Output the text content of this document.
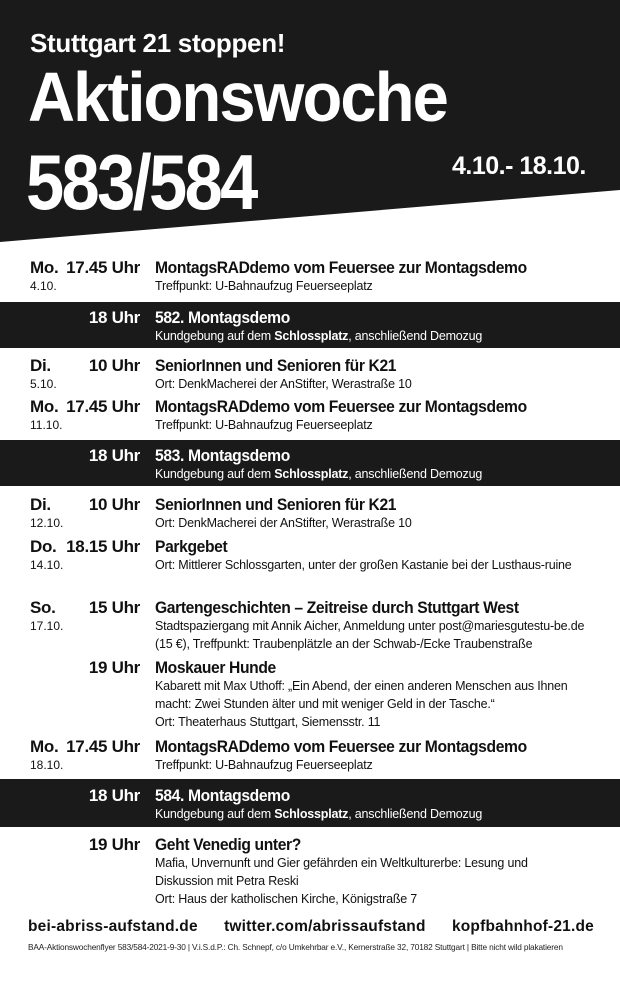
Stuttgart 21 stoppen!
Aktionswoche
583/584	4.10.- 18.10.
Mo. 17.45 Uhr
4.10.
MontagsRADdemo vom Feuersee zur Montagsdemo
Treffpunkt: U-Bahnaufzug Feuerseeplatz
18 Uhr 582. Montagsdemo
Kundgebung auf dem Schlossplatz, anschließend Demozug
Di. 10 Uhr
5.10.
SeniorInnen und Senioren für K21
Ort: DenkMacherei der AnStifter, Werastraße 10
Mo. 17.45 Uhr
11.10.
MontagsRADdemo vom Feuersee zur Montagsdemo
Treffpunkt: U-Bahnaufzug Feuerseeplatz
18 Uhr 583. Montagsdemo
Kundgebung auf dem Schlossplatz, anschließend Demozug
Di. 10 Uhr
12.10.
SeniorInnen und Senioren für K21
Ort: DenkMacherei der AnStifter, Werastraße 10
Do. 18.15 Uhr
14.10.
Parkgebet
Ort: Mittlerer Schlossgarten, unter der großen Kastanie bei der Lusthaus-ruine
So. 15 Uhr
17.10.
Gartengeschichten – Zeitreise durch Stuttgart West
Stadtspaziergang mit Annik Aicher, Anmeldung unter post@mariesgutestu-be.de (15 €), Treffpunkt: Traubenplätzle an der Schwab-/Ecke Traubenstraße
19 Uhr Moskauer Hunde
Kabarett mit Max Uthoff: „Ein Abend, der einen anderen Menschen aus Ihnen macht: Zwei Stunden älter und mit weniger Geld in der Tasche.“
Ort: Theaterhaus Stuttgart, Siemensstr. 11
Mo. 17.45 Uhr
18.10.
MontagsRADdemo vom Feuersee zur Montagsdemo
Treffpunkt: U-Bahnaufzug Feuerseeplatz
18 Uhr 584. Montagsdemo
Kundgebung auf dem Schlossplatz, anschließend Demozug
19 Uhr Geht Venedig unter?
Mafia, Unvernunft und Gier gefährden ein Weltkulturerbe: Lesung und Diskussion mit Petra Reski
Ort: Haus der katholischen Kirche, Königstraße 7
bei-abriss-aufstand.de twitter.com/abrissaufstand kopfbahnhof-21.de
BAA-Aktionswochenflyer 583/584-2021-9-30 | V.i.S.d.P.: Ch. Schnepf, c/o Umkehrbar e.V., Kernerstraße 32, 70182 Stuttgart | Bitte nicht wild plakatieren
